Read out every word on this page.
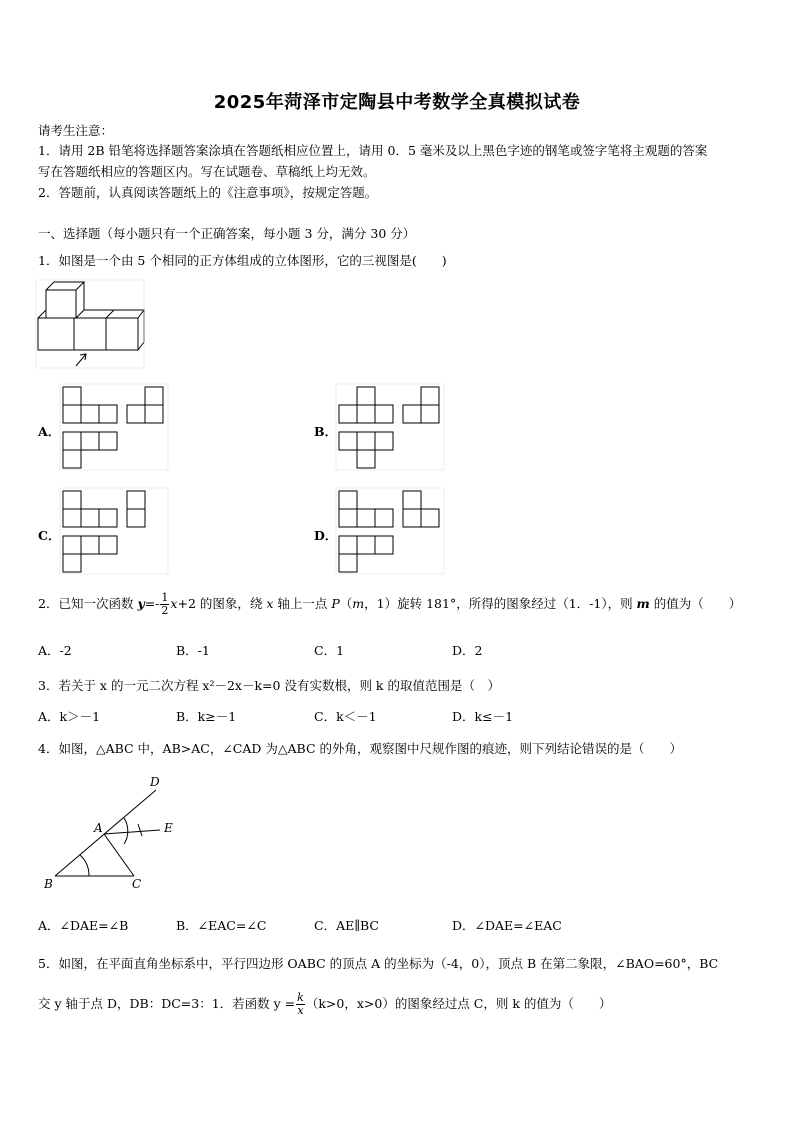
2025年菏泽市定陶县中考数学全真模拟试卷
请考生注意：
1．请用 2B 铅笔将选择题答案涂填在答题纸相应位置上，请用 0．5 毫米及以上黑色字迹的钢笔或签字笔将主观题的答案
写在答题纸相应的答题区内。写在试题卷、草稿纸上均无效。
2．答题前，认真阅读答题纸上的《注意事项》，按规定答题。
一、选择题（每小题只有一个正确答案，每小题 3 分，满分 30 分）
1．如图是一个由 5 个相同的正方体组成的立体图形，它的三视图是(　　)
A．	B．
C．	D．
2．已知一次函数 $y=- \frac{1}{2} x+2$ 的图象，绕 x 轴上一点 P（m，1）旋转 181°，所得的图象经过（1．-1），则 m 的值为（　　）
A．-2	B．-1	C．1	D．2
3．若关于 x 的一元二次方程 x²－2x－k=0 没有实数根，则 k 的取值范围是（　）
A．k＞－1	B．k≥－1	C．k＜－1	D．k≤－1
4．如图，△ABC 中，AB>AC，∠CAD 为△ABC 的外角，观察图中尺规作图的痕迹，则下列结论错误的是（　　）
D
A	E
B	C
A．∠DAE=∠B	B．∠EAC=∠C	C．AE∥BC	D．∠DAE=∠EAC
5．如图，在平面直角坐标系中，平行四边形 OABC 的顶点 A 的坐标为（-4，0），顶点 B 在第二象限，∠BAO=60°，BC
交 y 轴于点 D，DB：DC=3：1．若函数 $y = \frac{k}{x} (k>0$，x>0）的图象经过点 C，则 k 的值为（　　）
